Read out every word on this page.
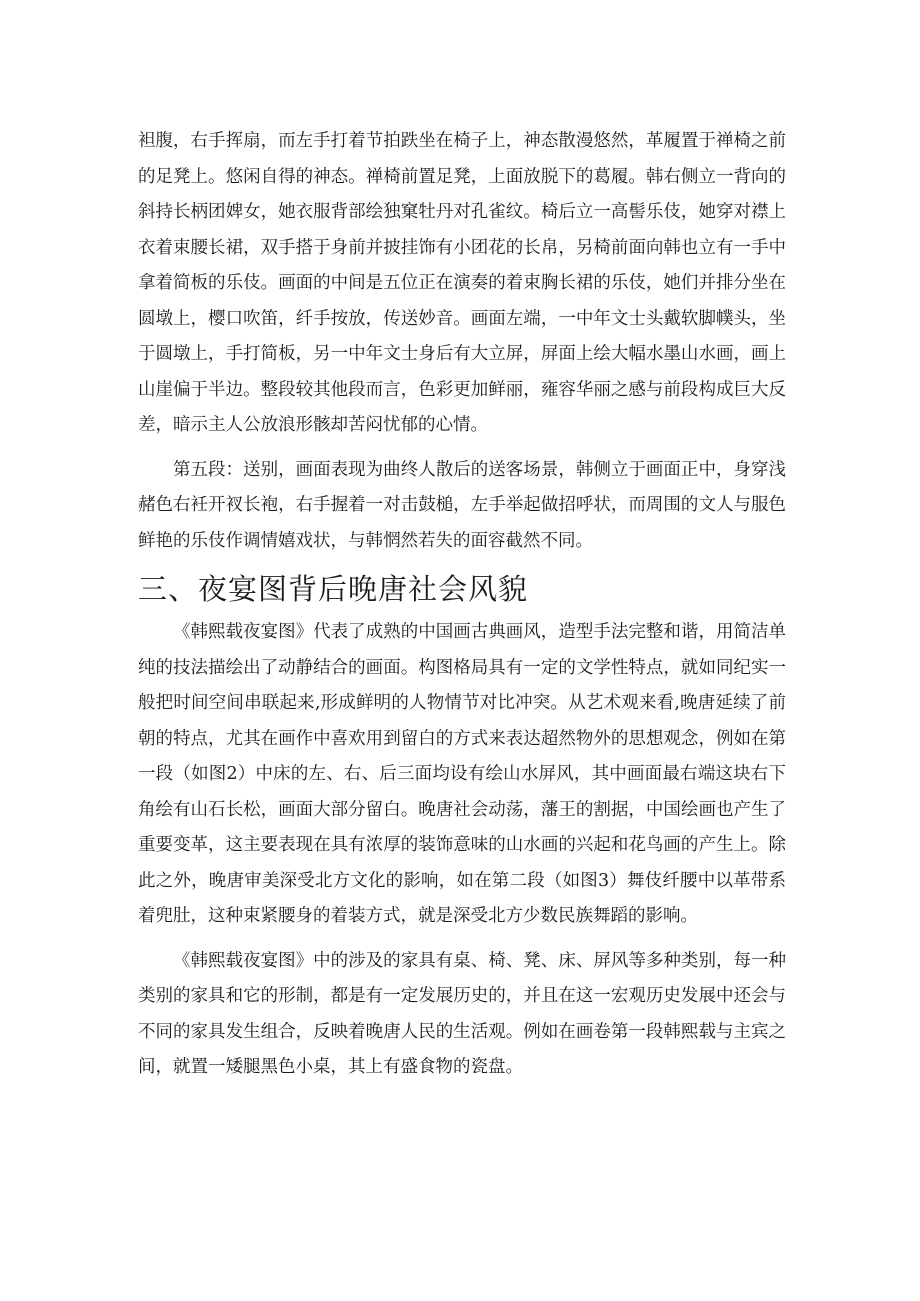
袒腹，右手挥扇，而左手打着节拍跌坐在椅子上，神态散漫悠然，革履置于禅椅之前的足凳上。悠闲自得的神态。禅椅前置足凳，上面放脱下的葛履。韩右侧立一背向的斜持长柄团婢女，她衣服背部绘独窠牡丹对孔雀纹。椅后立一高髻乐伎，她穿对襟上衣着束腰长裙，双手搭于身前并披挂饰有小团花的长帛，另椅前面向韩也立有一手中拿着简板的乐伎。画面的中间是五位正在演奏的着束胸长裙的乐伎，她们并排分坐在圆墩上，樱口吹笛，纤手按放，传送妙音。画面左端，一中年文士头戴软脚幞头，坐于圆墩上，手打简板，另一中年文士身后有大立屏，屏面上绘大幅水墨山水画，画上山崖偏于半边。整段较其他段而言，色彩更加鲜丽，雍容华丽之感与前段构成巨大反差，暗示主人公放浪形骸却苦闷忧郁的心情。

第五段：送别，画面表现为曲终人散后的送客场景，韩侧立于画面正中，身穿浅赭色右衽开衩长袍，右手握着一对击鼓槌，左手举起做招呼状，而周围的文人与服色鲜艳的乐伎作调情嬉戏状，与韩惘然若失的面容截然不同。

三、夜宴图背后晚唐社会风貌

《韩熙载夜宴图》代表了成熟的中国画古典画风，造型手法完整和谐，用简洁单纯的技法描绘出了动静结合的画面。构图格局具有一定的文学性特点，就如同纪实一般把时间空间串联起来,形成鲜明的人物情节对比冲突。从艺术观来看,晚唐延续了前朝的特点，尤其在画作中喜欢用到留白的方式来表达超然物外的思想观念，例如在第一段（如图2）中床的左、右、后三面均设有绘山水屏风，其中画面最右端这块右下角绘有山石长松，画面大部分留白。晚唐社会动荡，藩王的割据，中国绘画也产生了重要变革，这主要表现在具有浓厚的装饰意味的山水画的兴起和花鸟画的产生上。除此之外，晚唐审美深受北方文化的影响，如在第二段（如图3）舞伎纤腰中以革带系着兜肚，这种束紧腰身的着装方式，就是深受北方少数民族舞蹈的影响。

《韩熙载夜宴图》中的涉及的家具有桌、椅、凳、床、屏风等多种类别，每一种类别的家具和它的形制，都是有一定发展历史的，并且在这一宏观历史发展中还会与不同的家具发生组合，反映着晚唐人民的生活观。例如在画卷第一段韩熙载与主宾之间，就置一矮腿黑色小桌，其上有盛食物的瓷盘。
